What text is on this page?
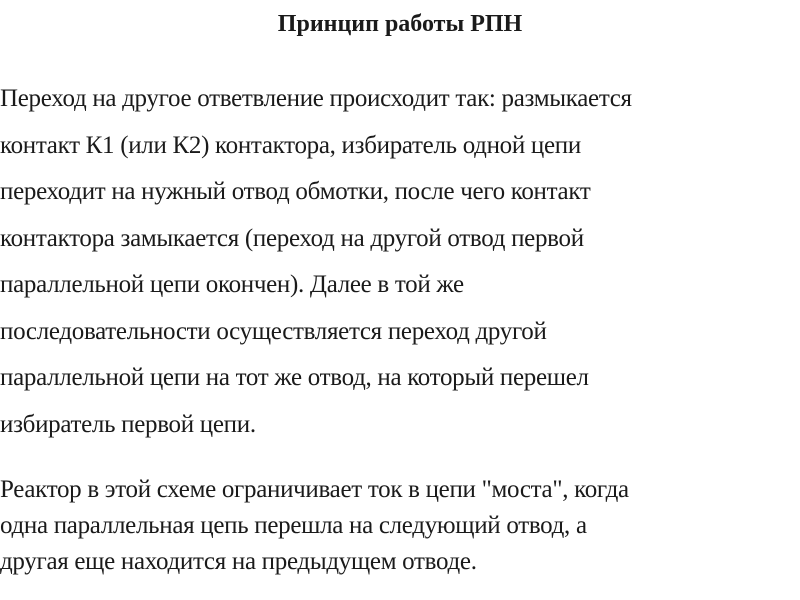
Принцип работы РПН
Переход на другое ответвление происходит так: размыкается
контакт К1 (или К2) контактора, избиратель одной цепи
переходит на нужный отвод обмотки, после чего контакт
контактора замыкается (переход на другой отвод первой
параллельной цепи окончен). Далее в той же
последовательности осуществляется переход другой
параллельной цепи на тот же отвод, на который перешел
избиратель первой цепи.
Реактор в этой схеме ограничивает ток в цепи "моста", когда
одна параллельная цепь перешла на следующий отвод, а
другая еще находится на предыдущем отводе.
